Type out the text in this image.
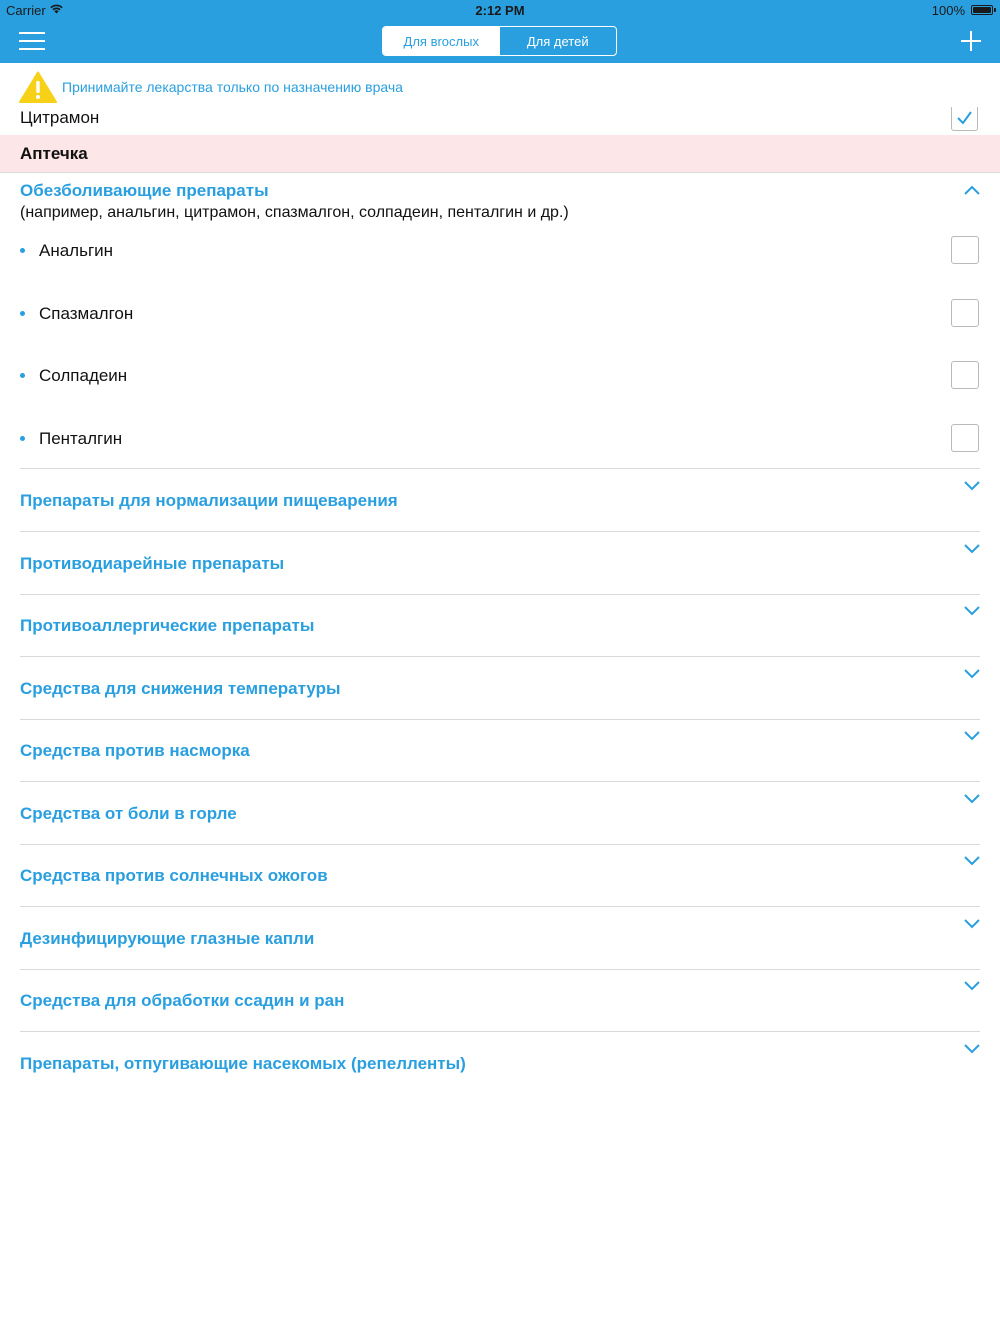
Carrier	2:12 PM	100%
Для вroслых	Для детей
Принимайте лекарства только по назначению врача
Цитрамон
Аптечка
Обезболивающие препараты
(например, анальгин, цитрамон, спазмалгон, солпадеин, пенталгин и др.)
Анальгин
Спазмалгон
Солпадеин
Пенталгин
Препараты для нормализации пищеварения
Противодиарейные препараты
Противоаллергические препараты
Средства для снижения температуры
Средства против насморка
Средства от боли в горле
Средства против солнечных ожогов
Дезинфицирующие глазные капли
Средства для обработки ссадин и ран
Препараты, отпугивающие насекомых (репелленты)
